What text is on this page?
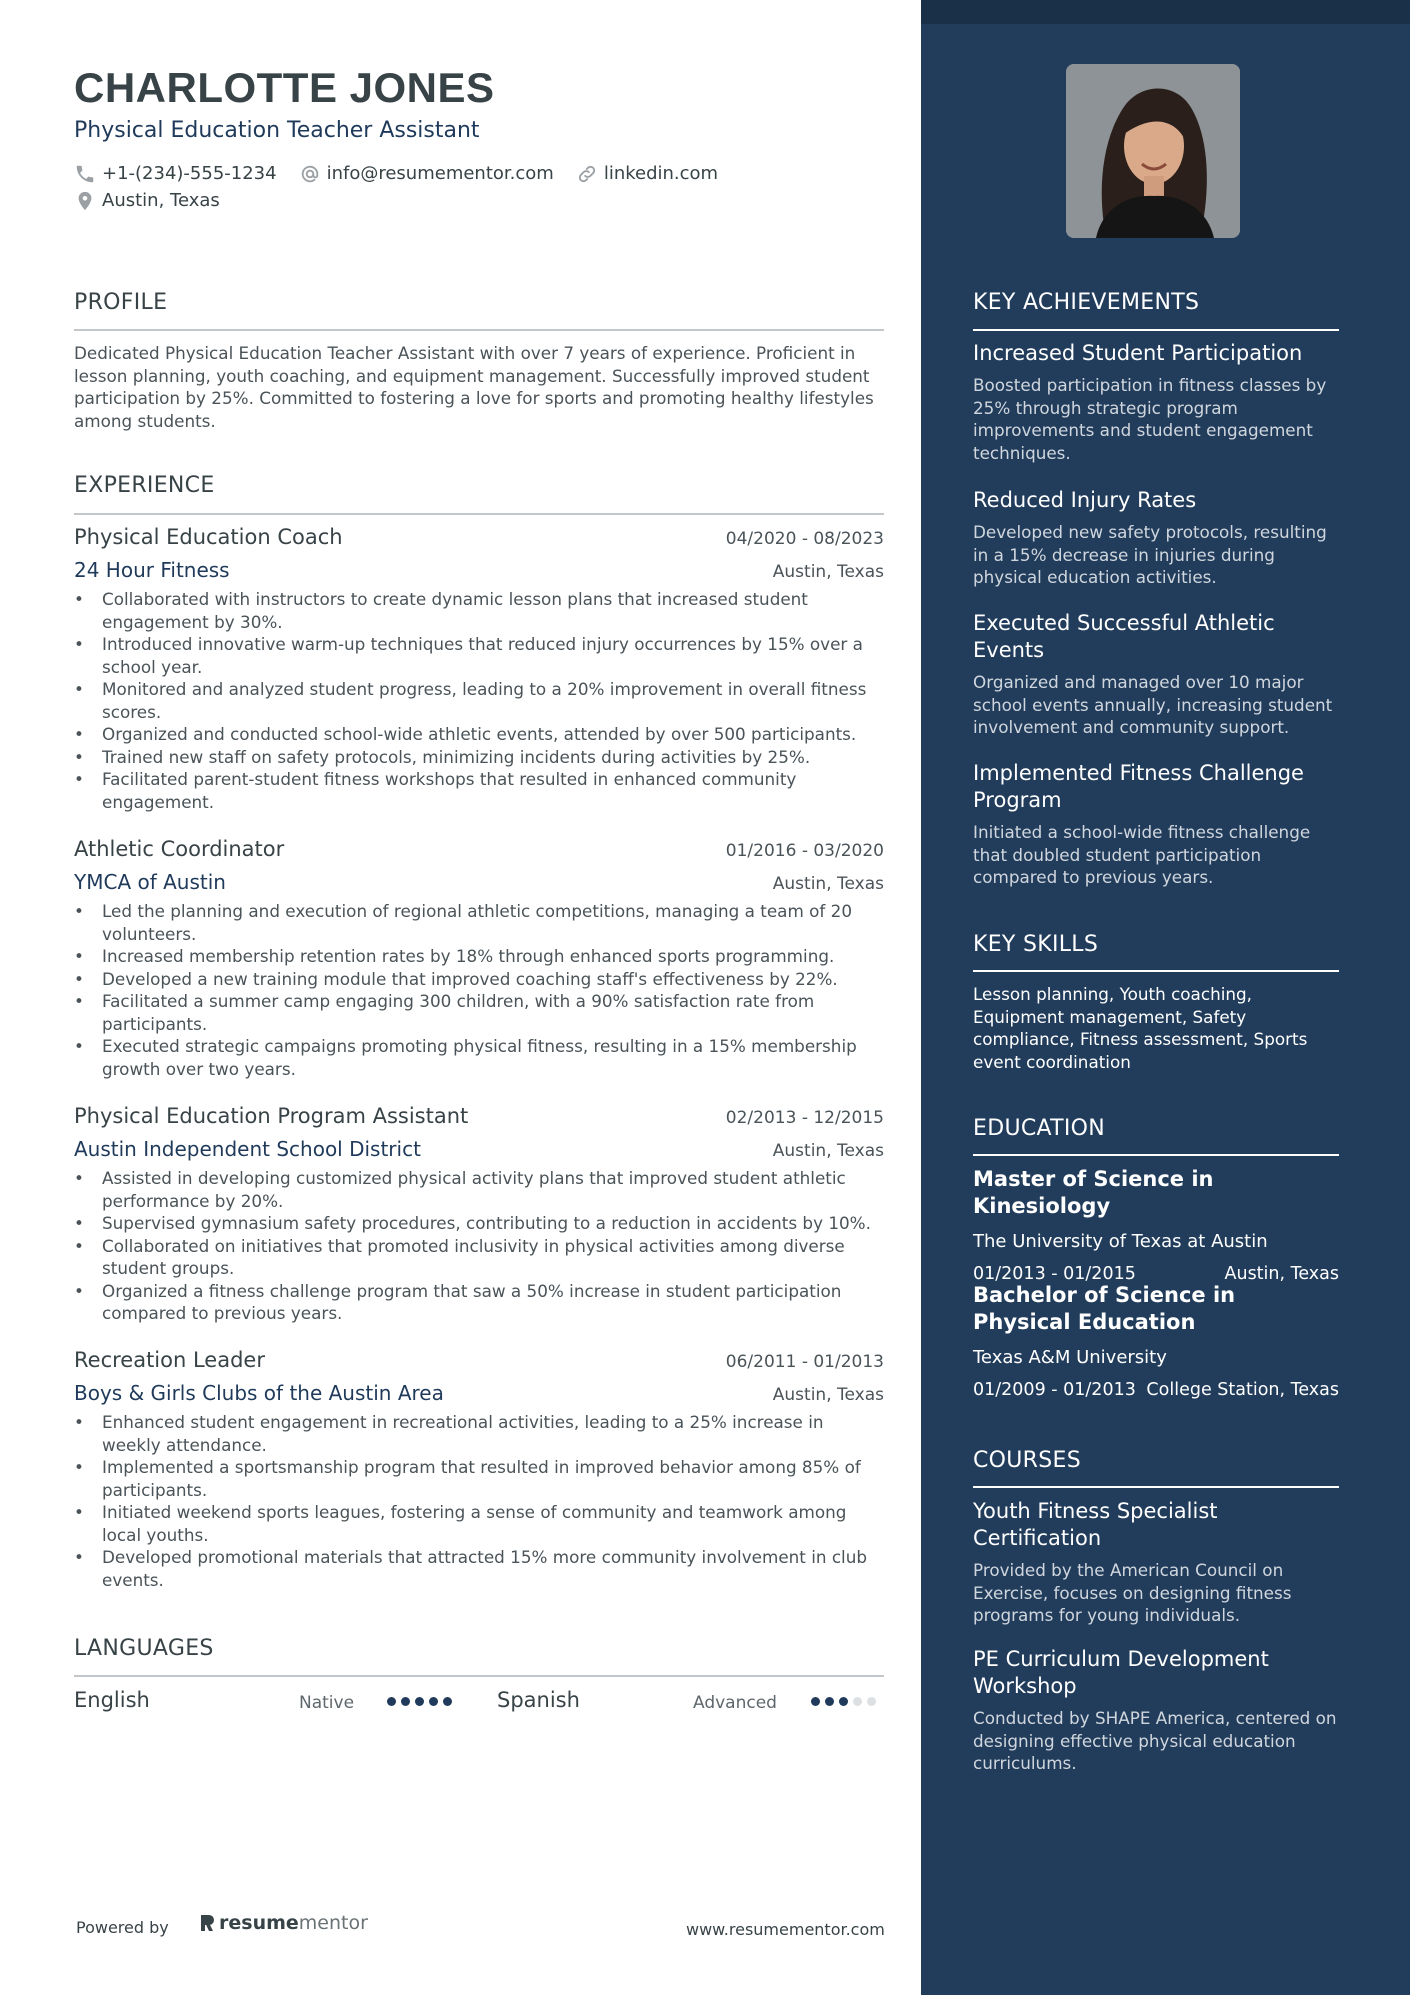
CHARLOTTE JONES
Physical Education Teacher Assistant
+1-(234)-555-1234	info@resumementor.com	linkedin.com
Austin, Texas
PROFILE
Dedicated Physical Education Teacher Assistant with over 7 years of experience. Proficient in lesson planning, youth coaching, and equipment management. Successfully improved student participation by 25%. Committed to fostering a love for sports and promoting healthy lifestyles among students.
EXPERIENCE
Physical Education Coach	04/2020 - 08/2023
24 Hour Fitness	Austin, Texas
• Collaborated with instructors to create dynamic lesson plans that increased student engagement by 30%.
• Introduced innovative warm-up techniques that reduced injury occurrences by 15% over a school year.
• Monitored and analyzed student progress, leading to a 20% improvement in overall fitness scores.
• Organized and conducted school-wide athletic events, attended by over 500 participants.
• Trained new staff on safety protocols, minimizing incidents during activities by 25%.
• Facilitated parent-student fitness workshops that resulted in enhanced community engagement.
Athletic Coordinator	01/2016 - 03/2020
YMCA of Austin	Austin, Texas
• Led the planning and execution of regional athletic competitions, managing a team of 20 volunteers.
• Increased membership retention rates by 18% through enhanced sports programming.
• Developed a new training module that improved coaching staff's effectiveness by 22%.
• Facilitated a summer camp engaging 300 children, with a 90% satisfaction rate from participants.
• Executed strategic campaigns promoting physical fitness, resulting in a 15% membership growth over two years.
Physical Education Program Assistant	02/2013 - 12/2015
Austin Independent School District	Austin, Texas
• Assisted in developing customized physical activity plans that improved student athletic performance by 20%.
• Supervised gymnasium safety procedures, contributing to a reduction in accidents by 10%.
• Collaborated on initiatives that promoted inclusivity in physical activities among diverse student groups.
• Organized a fitness challenge program that saw a 50% increase in student participation compared to previous years.
Recreation Leader	06/2011 - 01/2013
Boys & Girls Clubs of the Austin Area	Austin, Texas
• Enhanced student engagement in recreational activities, leading to a 25% increase in weekly attendance.
• Implemented a sportsmanship program that resulted in improved behavior among 85% of participants.
• Initiated weekend sports leagues, fostering a sense of community and teamwork among local youths.
• Developed promotional materials that attracted 15% more community involvement in club events.
LANGUAGES
English	Native	Spanish	Advanced
Powered by	resume mentor	www.resumementor.com
KEY ACHIEVEMENTS
Increased Student Participation
Boosted participation in fitness classes by 25% through strategic program improvements and student engagement techniques.
Reduced Injury Rates
Developed new safety protocols, resulting in a 15% decrease in injuries during physical education activities.
Executed Successful Athletic Events
Organized and managed over 10 major school events annually, increasing student involvement and community support.
Implemented Fitness Challenge Program
Initiated a school-wide fitness challenge that doubled student participation compared to previous years.
KEY SKILLS
Lesson planning, Youth coaching, Equipment management, Safety compliance, Fitness assessment, Sports event coordination
EDUCATION
Master of Science in Kinesiology
The University of Texas at Austin
01/2013 - 01/2015	Austin, Texas
Bachelor of Science in Physical Education
Texas A&M University
01/2009 - 01/2013 College Station, Texas
COURSES
Youth Fitness Specialist Certification
Provided by the American Council on Exercise, focuses on designing fitness programs for young individuals.
PE Curriculum Development Workshop
Conducted by SHAPE America, centered on designing effective physical education curriculums.
